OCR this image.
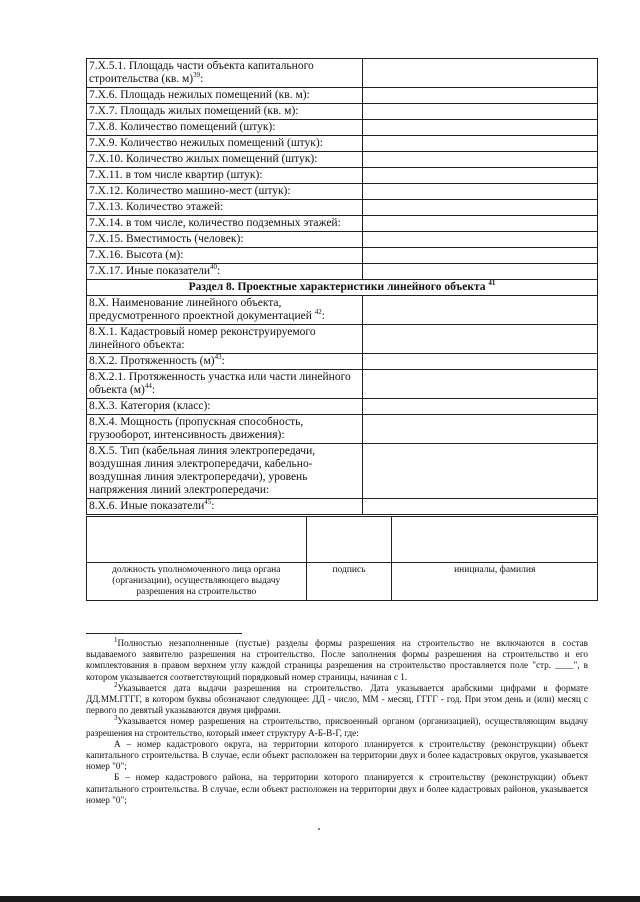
7.Х.5.1. Площадь части объекта капитального
строительства (кв. м)$^{39}$:	
7.Х.6. Площадь нежилых помещений (кв. м):	
7.Х.7. Площадь жилых помещений (кв. м):	
7.Х.8. Количество помещений (штук):	
7.Х.9. Количество нежилых помещений (штук):	
7.Х.10. Количество жилых помещений (штук):	
7.Х.11. в том числе квартир (штук):	
7.Х.12. Количество машино-мест (штук):	
7.Х.13. Количество этажей:	
7.Х.14. в том числе, количество подземных этажей:	
7.Х.15. Вместимость (человек):	
7.Х.16. Высота (м):	
7.Х.17. Иные показатели$^{40}$:	
Раздел 8. Проектные характеристики линейного объекта $^{41}$
8.Х. Наименование линейного объекта,
предусмотренного проектной документацией $^{42}$:	
8.Х.1. Кадастровый номер реконструируемого линейного объекта:	
8.Х.2. Протяженность $(м)^{43}$:	
8.Х.2.1. Протяженность участка или части линейного объекта $(м)^{44}$:	
8.Х.3. Категория (класс):	
8.Х.4. Мощность (пропускная способность, грузооборот, интенсивность движения):	
8.Х.5. Тип (кабельная линия электропередачи, воздушная линия электропередачи, кабельно-воздушная линия электропередачи), уровень напряжения линий электропередачи:	
8.Х.6. Иные показатели$^{45}$:	

должность уполномоченного лица органа (организации), осуществляющего выдачу разрешения на строительство	подпись	инициалы, фамилия

$^1$Полностью незаполненные (пустые) разделы формы разрешения на строительство не включаются в состав выдаваемого заявителю разрешения на строительство. После заполнения формы разрешения на строительство и его комплектования в правом верхнем углу каждой страницы разрешения на строительство проставляется поле "стр. ____", в котором указывается соответствующий порядковый номер страницы, начиная с 1.

$^2$Указывается дата выдачи разрешения на строительство. Дата указывается арабскими цифрами в формате ДД.ММ.ГГГГ, в котором буквы обозначают следующее: ДД - число, ММ - месяц, ГГГГ - год. При этом день и (или) месяц с первого по девятый указываются двумя цифрами.

$^3$Указывается номер разрешения на строительство, присвоенный органом (организацией), осуществляющим выдачу разрешения на строительство, который имеет структуру А-Б-В-Г, где:

А – номер кадастрового округа, на территории которого планируется к строительству (реконструкции) объект капитального строительства. В случае, если объект расположен на территории двух и более кадастровых округов, указывается номер "0";

Б – номер кадастрового района, на территории которого планируется к строительству (реконструкции) объект капитального строительства. В случае, если объект расположен на территории двух и более кадастровых районов, указывается номер "0";
